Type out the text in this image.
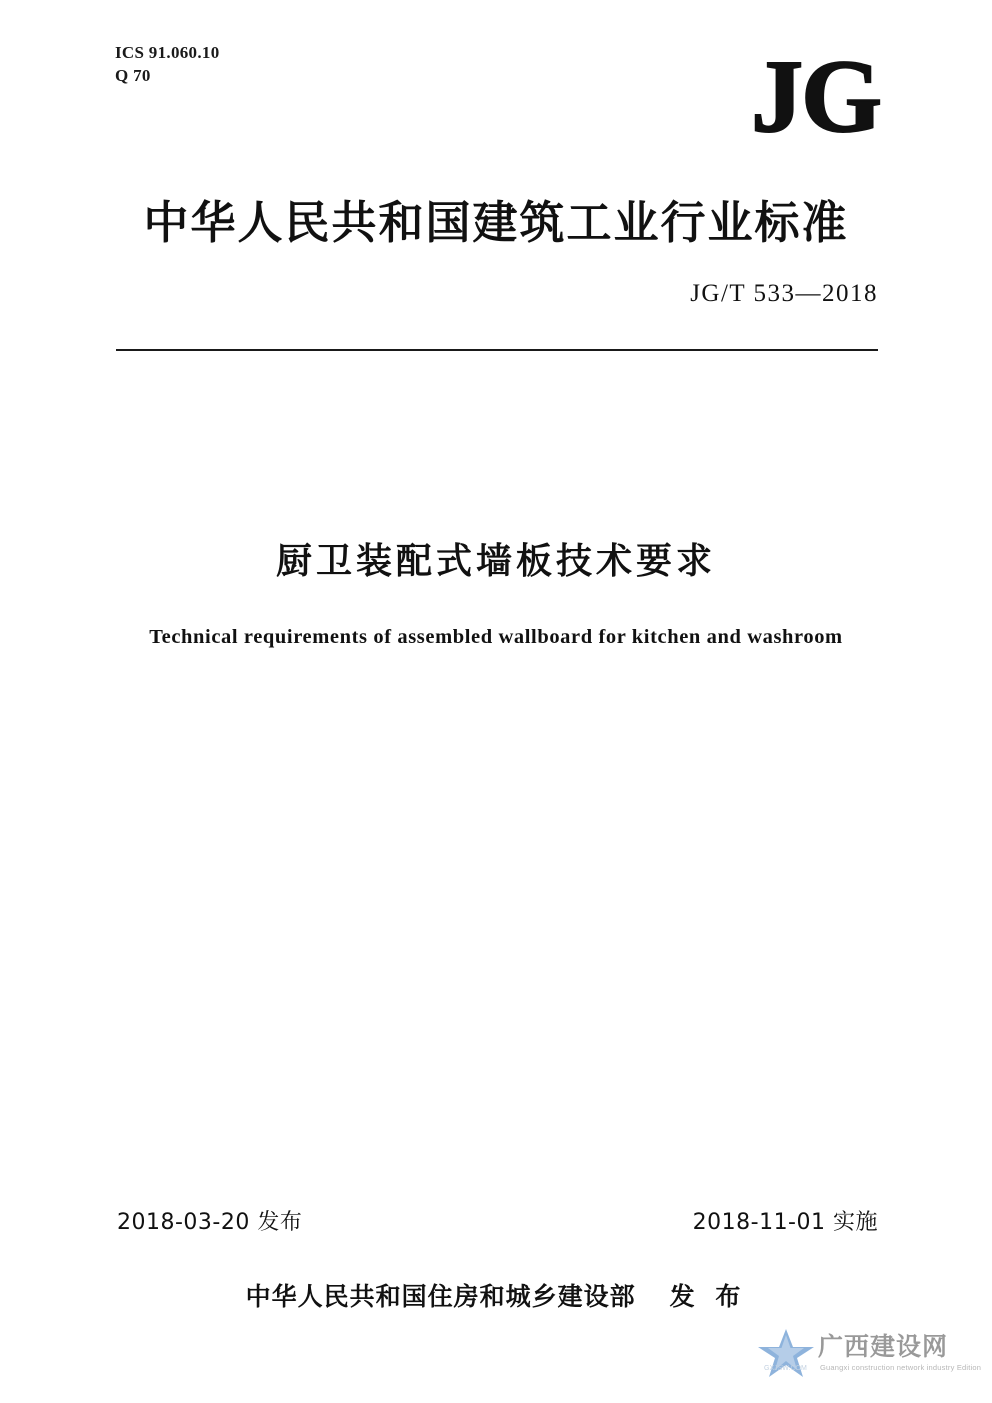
ICS 91.060.10
Q 70	JG
中华人民共和国建筑工业行业标准
JG/T 533—2018
厨卫装配式墙板技术要求
Technical requirements of assembled wallboard for kitchen and washroom
2018-03-20 发布	2018-11-01 实施
中华人民共和国住房和城乡建设部 发 布
广西建设网
Guangxi construction network industry Edition
GXJSW.COM
